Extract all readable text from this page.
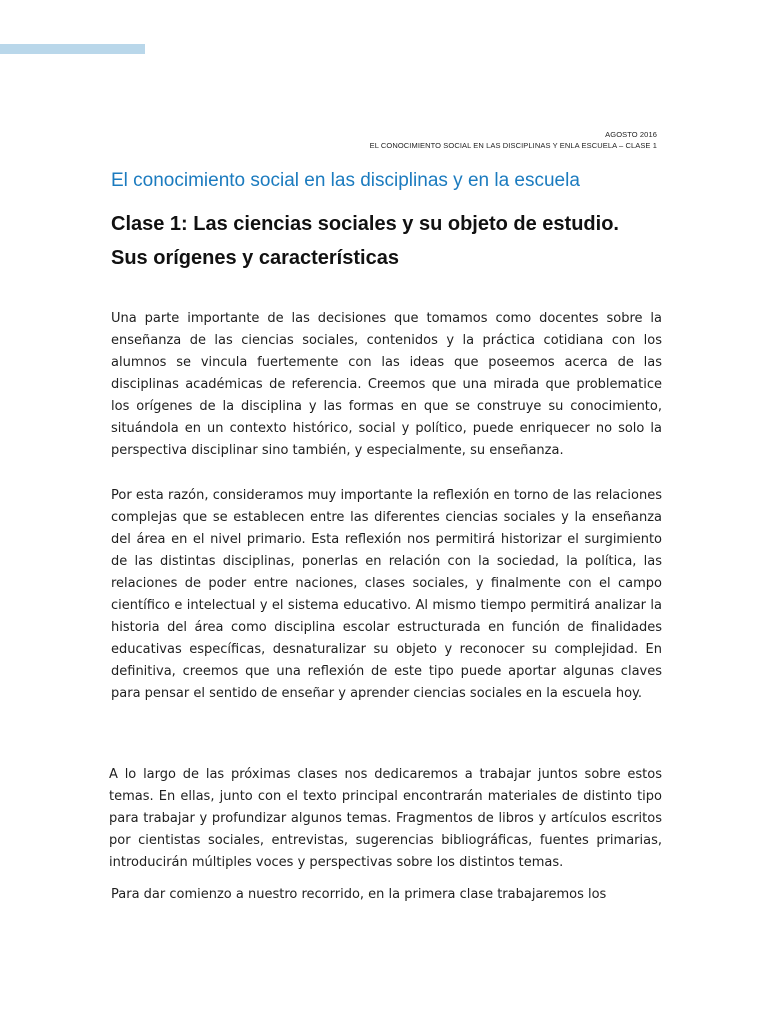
AGOSTO 2016
EL CONOCIMIENTO SOCIAL EN LAS DISCIPLINAS Y ENLA ESCUELA – CLASE 1
El conocimiento social en las disciplinas y en la escuela
Clase 1: Las ciencias sociales y su objeto de estudio.
Sus orígenes y características

Una parte importante de las decisiones que tomamos como docentes sobre la enseñanza de las ciencias sociales, contenidos y la práctica cotidiana con los alumnos se vincula fuertemente con las ideas que poseemos acerca de las disciplinas académicas de referencia. Creemos que una mirada que problematice los orígenes de la disciplina y las formas en que se construye su conocimiento, situándola en un contexto histórico, social y político, puede enriquecer no solo la perspectiva disciplinar sino también, y especialmente, su enseñanza.

Por esta razón, consideramos muy importante la reflexión en torno de las relaciones complejas que se establecen entre las diferentes ciencias sociales y la enseñanza del área en el nivel primario. Esta reflexión nos permitirá historizar el surgimiento de las distintas disciplinas, ponerlas en relación con la sociedad, la política, las relaciones de poder entre naciones, clases sociales, y finalmente con el campo científico e intelectual y el sistema educativo. Al mismo tiempo permitirá analizar la historia del área como disciplina escolar estructurada en función de finalidades educativas específicas, desnaturalizar su objeto y reconocer su complejidad. En definitiva, creemos que una reflexión de este tipo puede aportar algunas claves para pensar el sentido de enseñar y aprender ciencias sociales en la escuela hoy.

A lo largo de las próximas clases nos dedicaremos a trabajar juntos sobre estos temas. En ellas, junto con el texto principal encontrarán materiales de distinto tipo para trabajar y profundizar algunos temas. Fragmentos de libros y artículos escritos por cientistas sociales, entrevistas, sugerencias bibliográficas, fuentes primarias, introducirán múltiples voces y perspectivas sobre los distintos temas.

Para dar comienzo a nuestro recorrido, en la primera clase trabajaremos los
